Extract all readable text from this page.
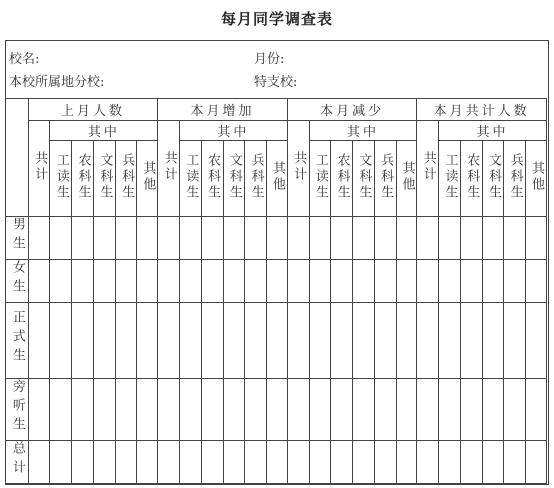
每月同学调查表
校名:	月份:
本校所属地分校:	特支校:
	上月人数						本月增加						本月减少						本月共计人数					
	共计	其中					共计	其中					共计	其中					共计	其中				
		工读生	农科生	文科生	兵科生	其他		工读生	农科生	文科生	兵科生	其他		工读生	农科生	文科生	兵科生	其他		工读生	农科生	文科生	兵科生	其他
男生																								
女生																								
正式生																								
旁听生																								
总计																								
